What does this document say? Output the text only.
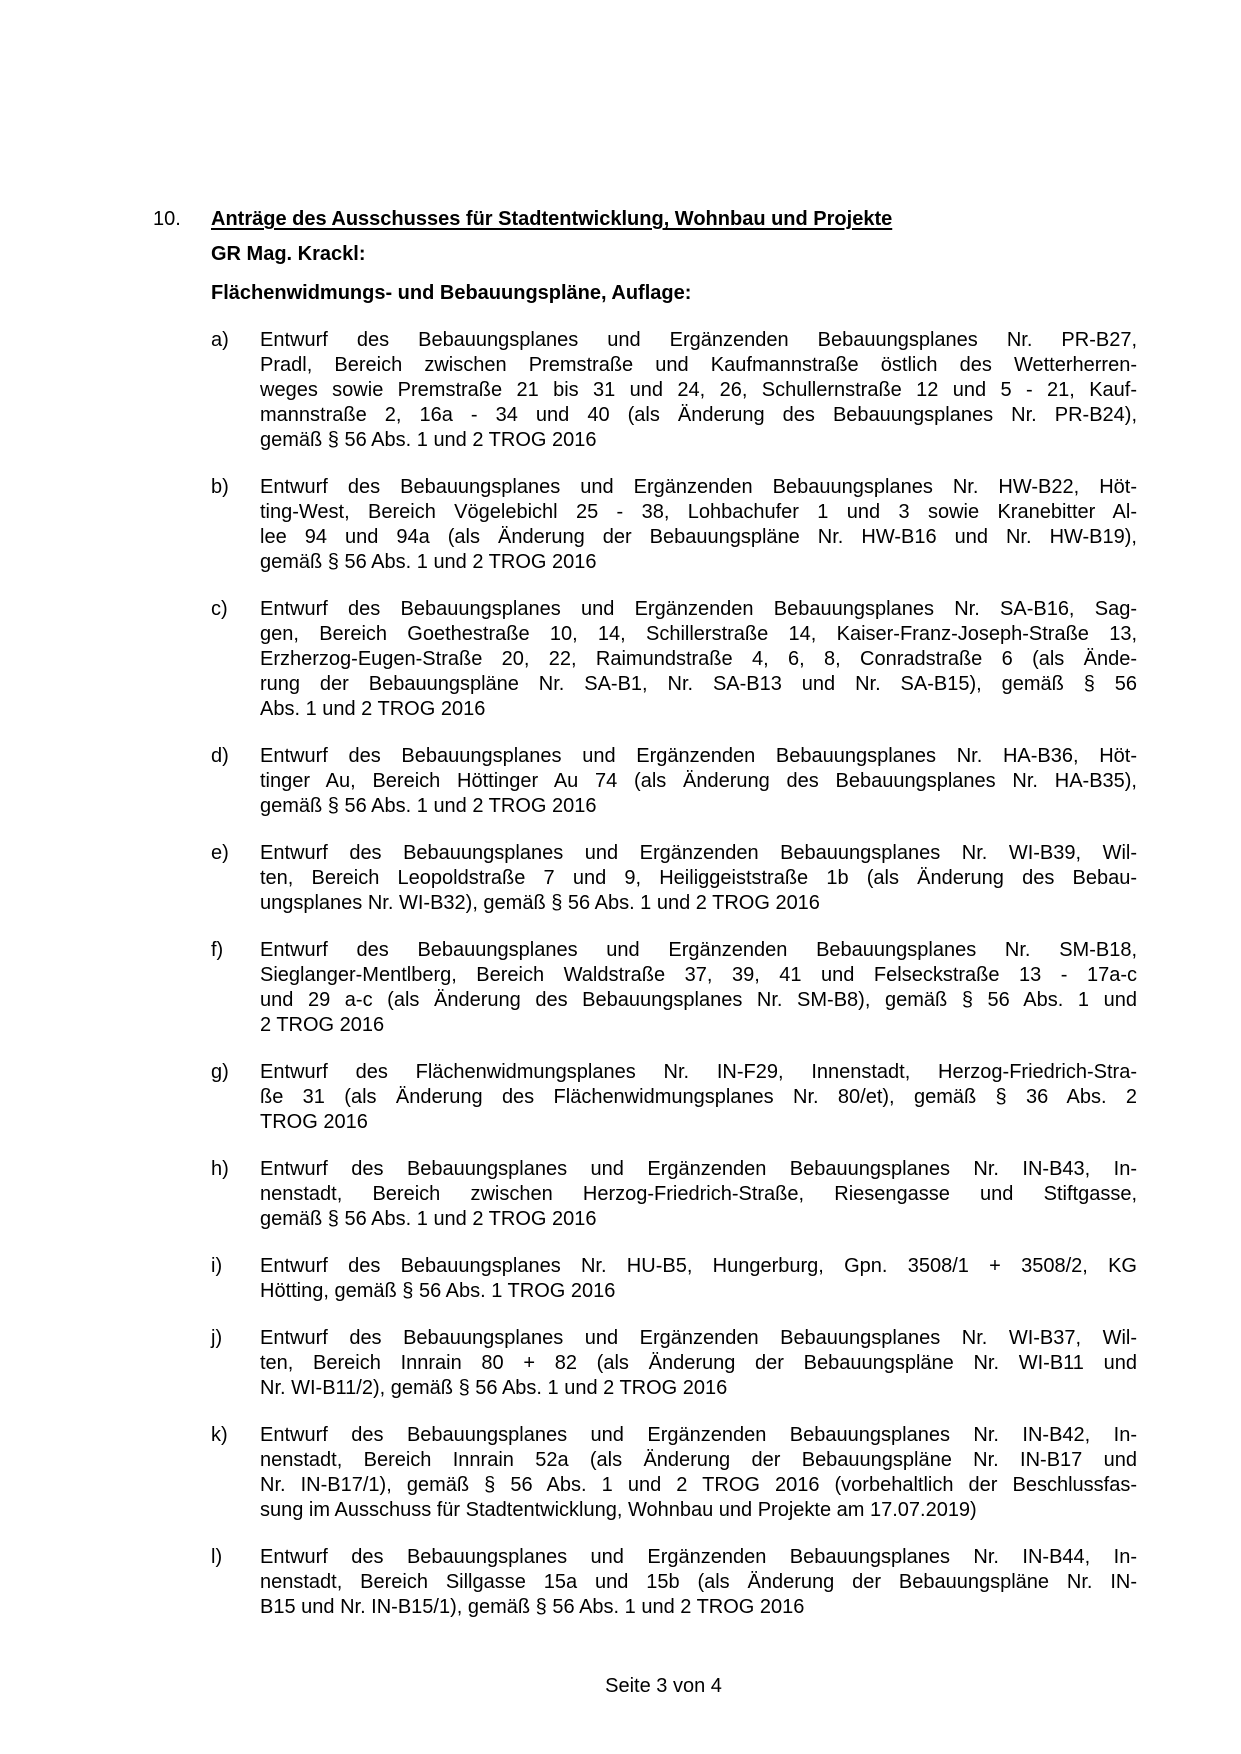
10.	Anträge des Ausschusses für Stadtentwicklung, Wohnbau und Projekte
GR Mag. Krackl:
Flächenwidmungs- und Bebauungspläne, Auflage:
a)	Entwurf des Bebauungsplanes und Ergänzenden Bebauungsplanes Nr. PR-B27,
Pradl, Bereich zwischen Premstraße und Kaufmannstraße östlich des Wetterherren-
weges sowie Premstraße 21 bis 31 und 24, 26, Schullernstraße 12 und 5 - 21, Kauf-
mannstraße 2, 16a - 34 und 40 (als Änderung des Bebauungsplanes Nr. PR-B24),
gemäß § 56 Abs. 1 und 2 TROG 2016
b)	Entwurf des Bebauungsplanes und Ergänzenden Bebauungsplanes Nr. HW-B22, Höt-
ting-West, Bereich Vögelebichl 25 - 38, Lohbachufer 1 und 3 sowie Kranebitter Al-
lee 94 und 94a (als Änderung der Bebauungspläne Nr. HW-B16 und Nr. HW-B19),
gemäß § 56 Abs. 1 und 2 TROG 2016
c)	Entwurf des Bebauungsplanes und Ergänzenden Bebauungsplanes Nr. SA-B16, Sag-
gen, Bereich Goethestraße 10, 14, Schillerstraße 14, Kaiser-Franz-Joseph-Straße 13,
Erzherzog-Eugen-Straße 20, 22, Raimundstraße 4, 6, 8, Conradstraße 6 (als Ände-
rung der Bebauungspläne Nr. SA-B1, Nr. SA-B13 und Nr. SA-B15), gemäß § 56
Abs. 1 und 2 TROG 2016
d)	Entwurf des Bebauungsplanes und Ergänzenden Bebauungsplanes Nr. HA-B36, Höt-
tinger Au, Bereich Höttinger Au 74 (als Änderung des Bebauungsplanes Nr. HA-B35),
gemäß § 56 Abs. 1 und 2 TROG 2016
e)	Entwurf des Bebauungsplanes und Ergänzenden Bebauungsplanes Nr. WI-B39, Wil-
ten, Bereich Leopoldstraße 7 und 9, Heiliggeiststraße 1b (als Änderung des Bebau-
ungsplanes Nr. WI-B32), gemäß § 56 Abs. 1 und 2 TROG 2016
f)	Entwurf des Bebauungsplanes und Ergänzenden Bebauungsplanes Nr. SM-B18,
Sieglanger-Mentlberg, Bereich Waldstraße 37, 39, 41 und Felseckstraße 13 - 17a-c
und 29 a-c (als Änderung des Bebauungsplanes Nr. SM-B8), gemäß § 56 Abs. 1 und
2 TROG 2016
g)	Entwurf des Flächenwidmungsplanes Nr. IN-F29, Innenstadt, Herzog-Friedrich-Stra-
ße 31 (als Änderung des Flächenwidmungsplanes Nr. 80/et), gemäß § 36 Abs. 2
TROG 2016
h)	Entwurf des Bebauungsplanes und Ergänzenden Bebauungsplanes Nr. IN-B43, In-
nenstadt, Bereich zwischen Herzog-Friedrich-Straße, Riesengasse und Stiftgasse,
gemäß § 56 Abs. 1 und 2 TROG 2016
i)	Entwurf des Bebauungsplanes Nr. HU-B5, Hungerburg, Gpn. 3508/1 + 3508/2, KG
Hötting, gemäß § 56 Abs. 1 TROG 2016
j)	Entwurf des Bebauungsplanes und Ergänzenden Bebauungsplanes Nr. WI-B37, Wil-
ten, Bereich Innrain 80 + 82 (als Änderung der Bebauungspläne Nr. WI-B11 und
Nr. WI-B11/2), gemäß § 56 Abs. 1 und 2 TROG 2016
k)	Entwurf des Bebauungsplanes und Ergänzenden Bebauungsplanes Nr. IN-B42, In-
nenstadt, Bereich Innrain 52a (als Änderung der Bebauungspläne Nr. IN-B17 und
Nr. IN-B17/1), gemäß § 56 Abs. 1 und 2 TROG 2016 (vorbehaltlich der Beschlussfas-
sung im Ausschuss für Stadtentwicklung, Wohnbau und Projekte am 17.07.2019)
l)	Entwurf des Bebauungsplanes und Ergänzenden Bebauungsplanes Nr. IN-B44, In-
nenstadt, Bereich Sillgasse 15a und 15b (als Änderung der Bebauungspläne Nr. IN-
B15 und Nr. IN-B15/1), gemäß § 56 Abs. 1 und 2 TROG 2016
Seite 3 von 4
